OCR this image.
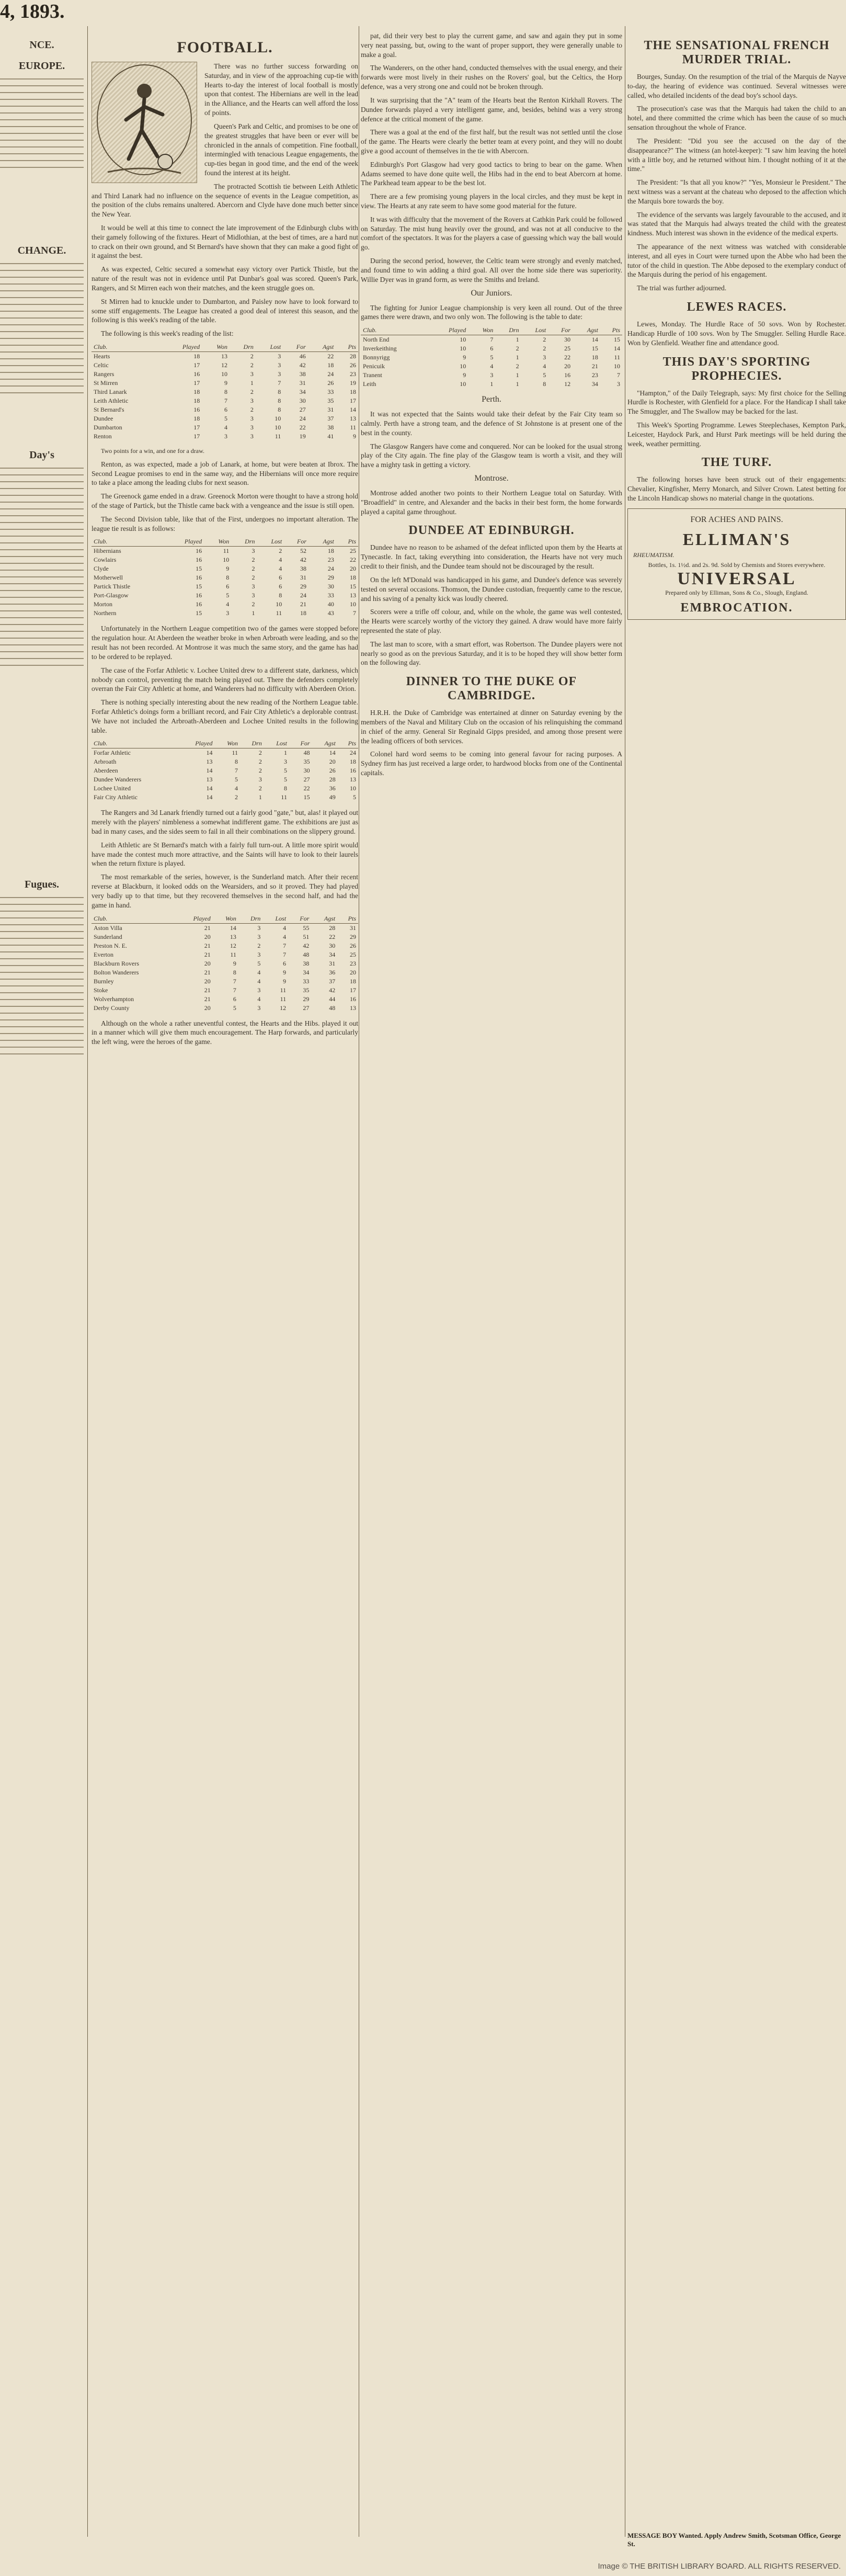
4, 1893.
NCE.
EUROPE.
CHANGE.
Day's
Fugues.
FOOTBALL.

There was no further success forwarding on Saturday, and in view of the approaching cup-tie with Hearts to-day the interest of local football is mostly upon that contest. The Hibernians are well in the lead in the Alliance, and the Hearts can well afford the loss of points.

Queen's Park and Celtic, and promises to be one of the greatest struggles that have been or ever will be chronicled in the annals of competition. Fine football, intermingled with tenacious League engagements, the cup-ties began in good time, and the end of the week found the interest at its height.

The protracted Scottish tie between Leith Athletic and Third Lanark had no influence on the sequence of events in the League competition, as the position of the clubs remains unaltered. Abercorn and Clyde have done much better since the New Year.

It would be well at this time to connect the late improvement of the Edinburgh clubs with their gamely following of the fixtures. Heart of Midlothian, at the best of times, are a hard nut to crack on their own ground, and St Bernard's have shown that they can make a good fight of it against the best.

As was expected, Celtic secured a somewhat easy victory over Partick Thistle, but the nature of the result was not in evidence until Pat Dunbar's goal was scored. Queen's Park, Rangers, and St Mirren each won their matches, and the keen struggle goes on.

St Mirren had to knuckle under to Dumbarton, and Paisley now have to look forward to some stiff engagements. The League has created a good deal of interest this season, and the following is this week's reading of the table.

The following is this week's reading of the list:

Club.	Played	Won	Drn	Lost	For	Agst	Pts
Hearts	18	13	2	3	46	22	28
Celtic	17	12	2	3	42	18	26
Rangers	16	10	3	3	38	24	23
St Mirren	17	9	1	7	31	26	19
Third Lanark	18	8	2	8	34	33	18
Leith Athletic	18	7	3	8	30	35	17
St Bernard's	16	6	2	8	27	31	14
Dundee	18	5	3	10	24	37	13
Dumbarton	17	4	3	10	22	38	11
Renton	17	3	3	11	19	41	9

Two points for a win, and one for a draw.

Renton, as was expected, made a job of Lanark, at home, but were beaten at Ibrox. The Second League promises to end in the same way, and the Hibernians will once more require to take a place among the leading clubs for next season.

The Greenock game ended in a draw. Greenock Morton were thought to have a strong hold of the stage of Partick, but the Thistle came back with a vengeance and the issue is still open.

The Second Division table, like that of the First, undergoes no important alteration. The league tie result is as follows:

Club.	Played	Won	Drn	Lost	For	Agst	Pts
Hibernians	16	11	3	2	52	18	25
Cowlairs	16	10	2	4	42	23	22
Clyde	15	9	2	4	38	24	20
Motherwell	16	8	2	6	31	29	18
Partick Thistle	15	6	3	6	29	30	15
Port-Glasgow	16	5	3	8	24	33	13
Morton	16	4	2	10	21	40	10
Northern	15	3	1	11	18	43	7

Unfortunately in the Northern League competition two of the games were stopped before the regulation hour. At Aberdeen the weather broke in when Arbroath were leading, and so the result has not been recorded. At Montrose it was much the same story, and the game has had to be ordered to be replayed.

The case of the Forfar Athletic v. Lochee United drew to a different state, darkness, which nobody can control, preventing the match being played out. There the defenders completely overran the Fair City Athletic at home, and Wanderers had no difficulty with Aberdeen Orion.

There is nothing specially interesting about the new reading of the Northern League table. Forfar Athletic's doings form a brilliant record, and Fair City Athletic's a deplorable contrast. We have not included the Arbroath-Aberdeen and Lochee United results in the following table.

Club.	Played	Won	Drn	Lost	For	Agst	Pts
Forfar Athletic	14	11	2	1	48	14	24
Arbroath	13	8	2	3	35	20	18
Aberdeen	14	7	2	5	30	26	16
Dundee Wanderers	13	5	3	5	27	28	13
Lochee United	14	4	2	8	22	36	10
Fair City Athletic	14	2	1	11	15	49	5

The Rangers and 3d Lanark friendly turned out a fairly good "gate," but, alas! it played out merely with the players' nimbleness a somewhat indifferent game. The exhibitions are just as bad in many cases, and the sides seem to fail in all their combinations on the slippery ground.

Leith Athletic are St Bernard's match with a fairly full turn-out. A little more spirit would have made the contest much more attractive, and the Saints will have to look to their laurels when the return fixture is played.

The most remarkable of the series, however, is the Sunderland match. After their recent reverse at Blackburn, it looked odds on the Wearsiders, and so it proved. They had played very badly up to that time, but they recovered themselves in the second half, and had the game in hand.

Club.	Played	Won	Drn	Lost	For	Agst	Pts
Aston Villa	21	14	3	4	55	28	31
Sunderland	20	13	3	4	51	22	29
Preston N. E.	21	12	2	7	42	30	26
Everton	21	11	3	7	48	34	25
Blackburn Rovers	20	9	5	6	38	31	23
Bolton Wanderers	21	8	4	9	34	36	20
Burnley	20	7	4	9	33	37	18
Stoke	21	7	3	11	35	42	17
Wolverhampton	21	6	4	11	29	44	16
Derby County	20	5	3	12	27	48	13

Although on the whole a rather uneventful contest, the Hearts and the Hibs. played it out in a manner which will give them much encouragement. The Harp forwards, and particularly the left wing, were the heroes of the game.

pat, did their very best to play the current game, and saw and again they put in some very neat passing, but, owing to the want of proper support, they were generally unable to make a goal.

The Wanderers, on the other hand, conducted themselves with the usual energy, and their forwards were most lively in their rushes on the Rovers' goal, but the Celtics, the Horp defence, was a very strong one and could not be broken through.

It was surprising that the "A" team of the Hearts beat the Renton Kirkhall Rovers. The Dundee forwards played a very intelligent game, and, besides, behind was a very strong defence at the critical moment of the game.

There was a goal at the end of the first half, but the result was not settled until the close of the game. The Hearts were clearly the better team at every point, and they will no doubt give a good account of themselves in the tie with Abercorn.

Edinburgh's Port Glasgow had very good tactics to bring to bear on the game. When Adams seemed to have done quite well, the Hibs had in the end to beat Abercorn at home. The Parkhead team appear to be the best lot.

There are a few promising young players in the local circles, and they must be kept in view. The Hearts at any rate seem to have some good material for the future.

It was with difficulty that the movement of the Rovers at Cathkin Park could be followed on Saturday. The mist hung heavily over the ground, and was not at all conducive to the comfort of the spectators. It was for the players a case of guessing which way the ball would go.

During the second period, however, the Celtic team were strongly and evenly matched, and found time to win adding a third goal. All over the home side there was superiority. Willie Dyer was in grand form, as were the Smiths and Ireland.

Our Juniors.

The fighting for Junior League championship is very keen all round. Out of the three games there were drawn, and two only won. The following is the table to date:

Club.	Played	Won	Drn	Lost	For	Agst	Pts
North End	10	7	1	2	30	14	15
Inverkeithing	10	6	2	2	25	15	14
Bonnyrigg	9	5	1	3	22	18	11
Penicuik	10	4	2	4	20	21	10
Tranent	9	3	1	5	16	23	7
Leith	10	1	1	8	12	34	3
Perth.

It was not expected that the Saints would take their defeat by the Fair City team so calmly. Perth have a strong team, and the defence of St Johnstone is at present one of the best in the county.

The Glasgow Rangers have come and conquered. Nor can be looked for the usual strong play of the City again. The fine play of the Glasgow team is worth a visit, and they will have a mighty task in getting a victory.

Montrose.

Montrose added another two points to their Northern League total on Saturday. With "Broadfield" in centre, and Alexander and the backs in their best form, the home forwards played a capital game throughout.

DUNDEE AT EDINBURGH.

Dundee have no reason to be ashamed of the defeat inflicted upon them by the Hearts at Tynecastle. In fact, taking everything into consideration, the Hearts have not very much credit to their finish, and the Dundee team should not be discouraged by the result.

On the left M'Donald was handicapped in his game, and Dundee's defence was severely tested on several occasions. Thomson, the Dundee custodian, frequently came to the rescue, and his saving of a penalty kick was loudly cheered.

Scorers were a trifle off colour, and, while on the whole, the game was well contested, the Hearts were scarcely worthy of the victory they gained. A draw would have more fairly represented the state of play.

The last man to score, with a smart effort, was Robertson. The Dundee players were not nearly so good as on the previous Saturday, and it is to be hoped they will show better form on the following day.

DINNER TO THE DUKE OF CAMBRIDGE.

H.R.H. the Duke of Cambridge was entertained at dinner on Saturday evening by the members of the Naval and Military Club on the occasion of his relinquishing the command in chief of the army. General Sir Reginald Gipps presided, and among those present were the leading officers of both services.

Colonel hard word seems to be coming into general favour for racing purposes. A Sydney firm has just received a large order, to hardwood blocks from one of the Continental capitals.

THE SENSATIONAL FRENCH MURDER TRIAL.

Bourges, Sunday. On the resumption of the trial of the Marquis de Nayve to-day, the hearing of evidence was continued. Several witnesses were called, who detailed incidents of the dead boy's school days.

The prosecution's case was that the Marquis had taken the child to an hotel, and there committed the crime which has been the cause of so much sensation throughout the whole of France.

The President: "Did you see the accused on the day of the disappearance?" The witness (an hotel-keeper): "I saw him leaving the hotel with a little boy, and he returned without him. I thought nothing of it at the time."

The President: "Is that all you know?" "Yes, Monsieur le President." The next witness was a servant at the chateau who deposed to the affection which the Marquis bore towards the boy.

The evidence of the servants was largely favourable to the accused, and it was stated that the Marquis had always treated the child with the greatest kindness. Much interest was shown in the evidence of the medical experts.

The appearance of the next witness was watched with considerable interest, and all eyes in Court were turned upon the Abbe who had been the tutor of the child in question. The Abbe deposed to the exemplary conduct of the Marquis during the period of his engagement.

The trial was further adjourned.

LEWES RACES.

Lewes, Monday. The Hurdle Race of 50 sovs. Won by Rochester. Handicap Hurdle of 100 sovs. Won by The Smuggler. Selling Hurdle Race. Won by Glenfield. Weather fine and attendance good.

THIS DAY'S SPORTING PROPHECIES.

"Hampton," of the Daily Telegraph, says: My first choice for the Selling Hurdle is Rochester, with Glenfield for a place. For the Handicap I shall take The Smuggler, and The Swallow may be backed for the last.

This Week's Sporting Programme. Lewes Steeplechases, Kempton Park, Leicester, Haydock Park, and Hurst Park meetings will be held during the week, weather permitting.

THE TURF.

The following horses have been struck out of their engagements: Chevalier, Kingfisher, Merry Monarch, and Silver Crown. Latest betting for the Lincoln Handicap shows no material change in the quotations.

FOR ACHES AND PAINS.
ELLIMAN'S
RHEUMATISM.
Bottles, 1s. 1½d. and 2s. 9d. Sold by Chemists and Stores everywhere.
UNIVERSAL
Prepared only by Elliman, Sons & Co., Slough, England.
EMBROCATION.
MESSAGE BOY Wanted. Apply Andrew Smith, Scotsman Office, George St.
Image © THE BRITISH LIBRARY BOARD. ALL RIGHTS RESERVED.
